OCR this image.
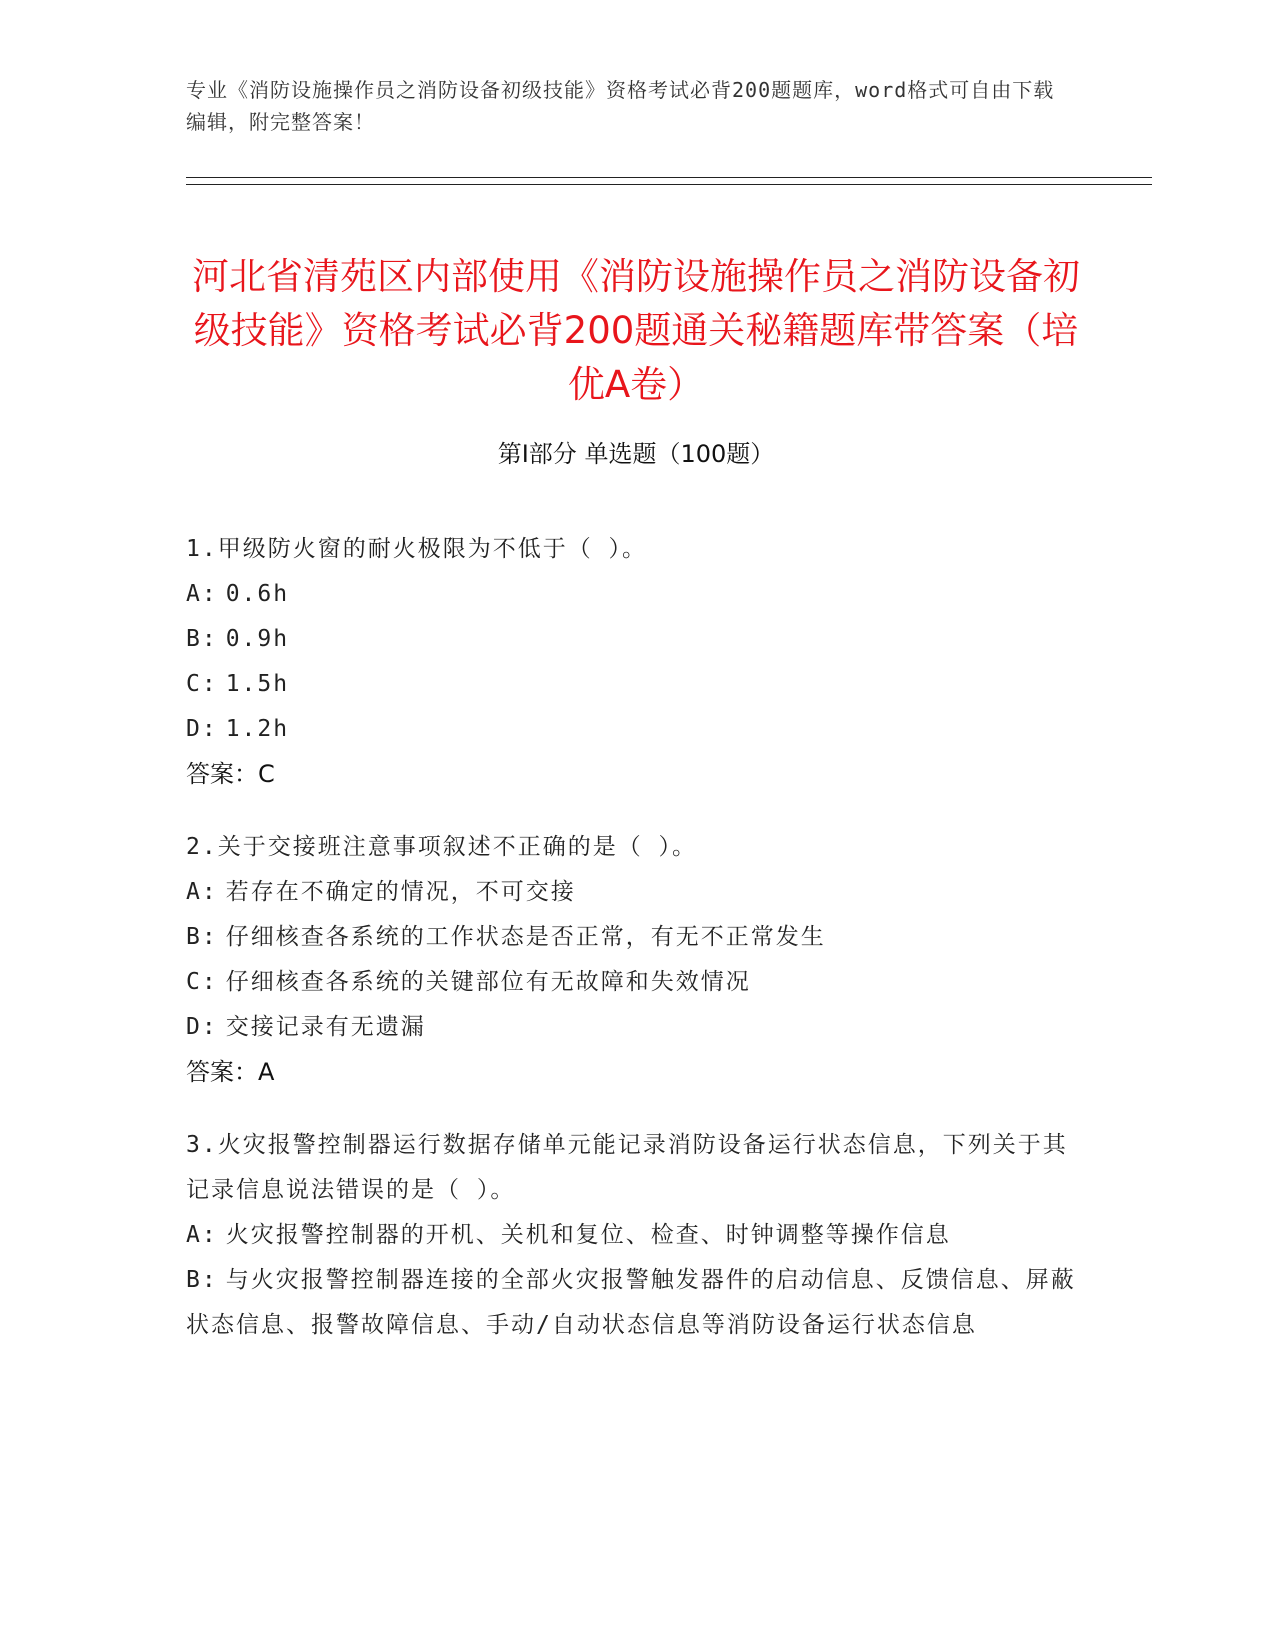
专业《消防设施操作员之消防设备初级技能》资格考试必背200题题库，word格式可自由下载编辑，附完整答案！
河北省清苑区内部使用《消防设施操作员之消防设备初级技能》资格考试必背200题通关秘籍题库带答案（培优A卷）
第Ⅰ部分 单选题（100题）
1.甲级防火窗的耐火极限为不低于（ ）。
A: 0.6h
B: 0.9h
C: 1.5h
D: 1.2h
答案：C
2.关于交接班注意事项叙述不正确的是（ ）。
A: 若存在不确定的情况，不可交接
B: 仔细核查各系统的工作状态是否正常，有无不正常发生
C: 仔细核查各系统的关键部位有无故障和失效情况
D: 交接记录有无遗漏
答案：A
3.火灾报警控制器运行数据存储单元能记录消防设备运行状态信息，下列关于其记录信息说法错误的是（ ）。
A: 火灾报警控制器的开机、关机和复位、检查、时钟调整等操作信息
B: 与火灾报警控制器连接的全部火灾报警触发器件的启动信息、反馈信息、屏蔽状态信息、报警故障信息、手动/自动状态信息等消防设备运行状态信息
